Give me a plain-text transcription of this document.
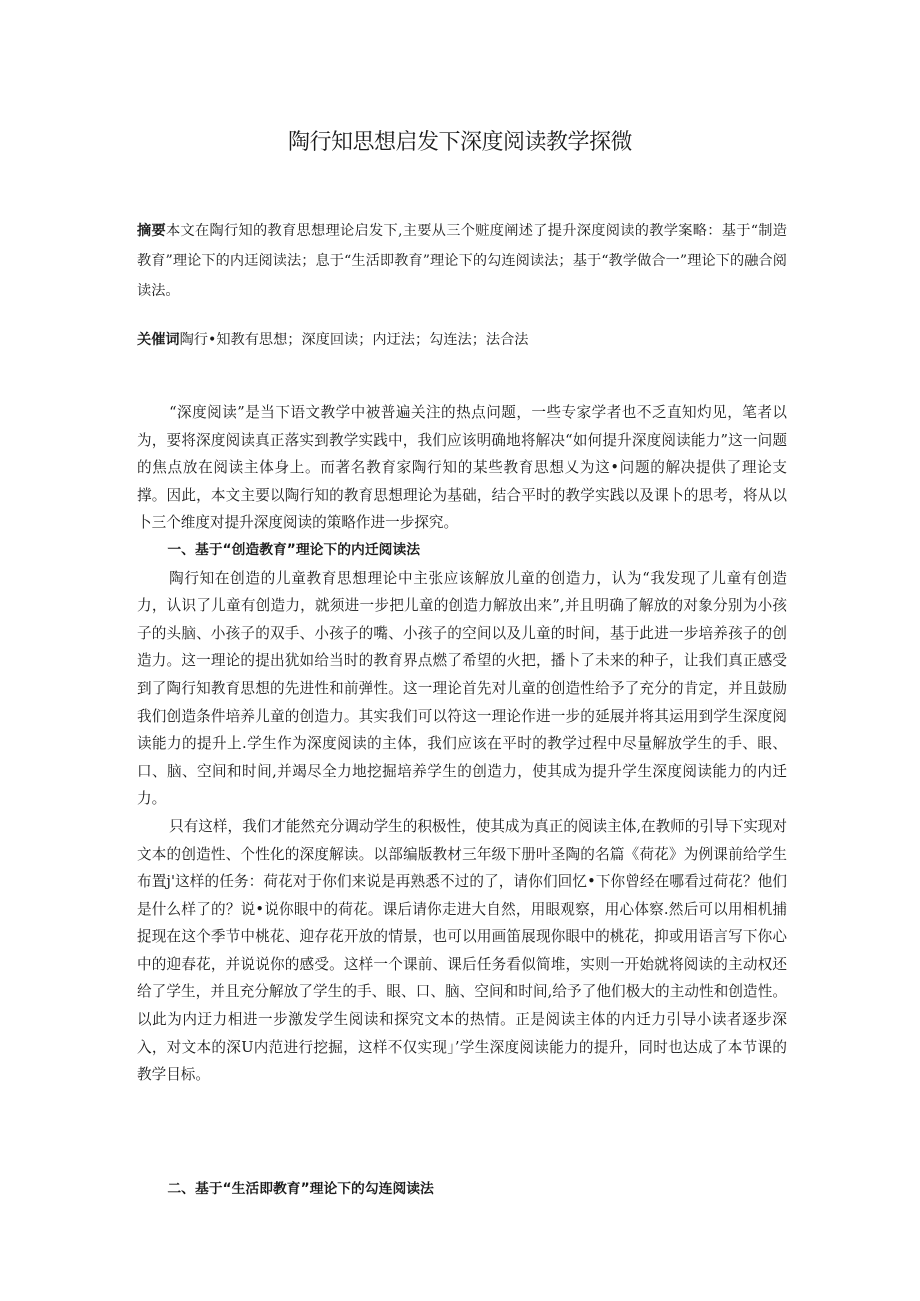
陶行知思想启发下深度阅读教学探微
摘要本文在陶行知的教育思想理论启发下,主要从三个赃度阐述了提升深度阅读的教学案略：基于“制造教育”理论下的内迋阅读法；息于“生活即教育”理论下的勾连阅读法；基于“教学做合一”理论下的融合阅读法。
关催词陶行•知教有思想；深度回读；内迂法；勾连法；法合法

“深度阅读”是当下语文教学中被普遍关注的热点问题，一些专家学者也不乏直知灼见，笔者以为，要将深度阅读真正落实到教学实践中，我们应该明确地将解决“如何提升深度阅读能力”这一问题的焦点放在阅读主体身上。而著名教育家陶行知的某些教育思想乂为这•问题的解决提供了理论支撑。因此，本文主要以陶行知的教育思想理论为基础，结合平时的教学实践以及课卜的思考，将从以卜三个维度对提升深度阅读的策略作进一步探究。

一、基于“创造教育”理论下的内迁阅读法

陶行知在创造的儿童教育思想理论中主张应该解放儿童的创造力，认为“我发现了儿童有创造力，认识了儿童有创造力，就须进一步把儿童的创造力解放出来”,并且明确了解放的对象分别为小孩子的头脑、小孩子的双手、小孩子的嘴、小孩子的空间以及儿童的时间，基于此进一步培养孩子的创造力。这一理论的提出犹如给当时的教育界点燃了希望的火把，播卜了未来的种子，让我们真正感受到了陶行知教育思想的先进性和前弹性。这一理论首先对儿童的创造性给予了充分的肯定，并且鼓励我们创造条件培养儿童的创造力。其实我们可以符这一理论作进一步的延展并将其运用到学生深度阅读能力的提升上.学生作为深度阅读的主体，我们应该在平时的教学过程中尽量解放学生的手、眼、口、脑、空间和时间,并竭尽全力地挖掘培养学生的创造力，使其成为提升学生深度阅读能力的内迁力。

只有这样，我们才能然充分调动学生的积极性，使其成为真正的阅读主体,在教师的引导下实现对文本的创造性、个性化的深度解读。以部编版教材三年级下册叶圣陶的名篇《荷花》为例课前给学生布置j'这样的任务：荷花对于你们来说是再熟悉不过的了，请你们回忆•下你曾经在哪看过荷花？他们是什么样了的？说•说你眼中的荷花。课后请你走进大自然，用眼观察，用心体察.然后可以用相机捕捉现在这个季节中桃花、迎存花开放的情景，也可以用画笛展现你眼中的桃花，抑或用语言写下你心中的迎春花，并说说你的感受。这样一个课前、课后任务看似简堆，实则一开始就将阅读的主动权还给了学生，并且充分解放了学生的手、眼、口、脑、空间和时间,给予了他们极大的主动性和创造性。以此为内迂力相进一步激发学生阅读和探究文本的热情。正是阅读主体的内迁力引导小读者逐步深入，对文本的深U内范进行挖掘，这样不仅实现」’学生深度阅读能力的提升，同时也达成了本节课的教学目标。

二、基于“生活即教育”理论下的勾连阅读法
